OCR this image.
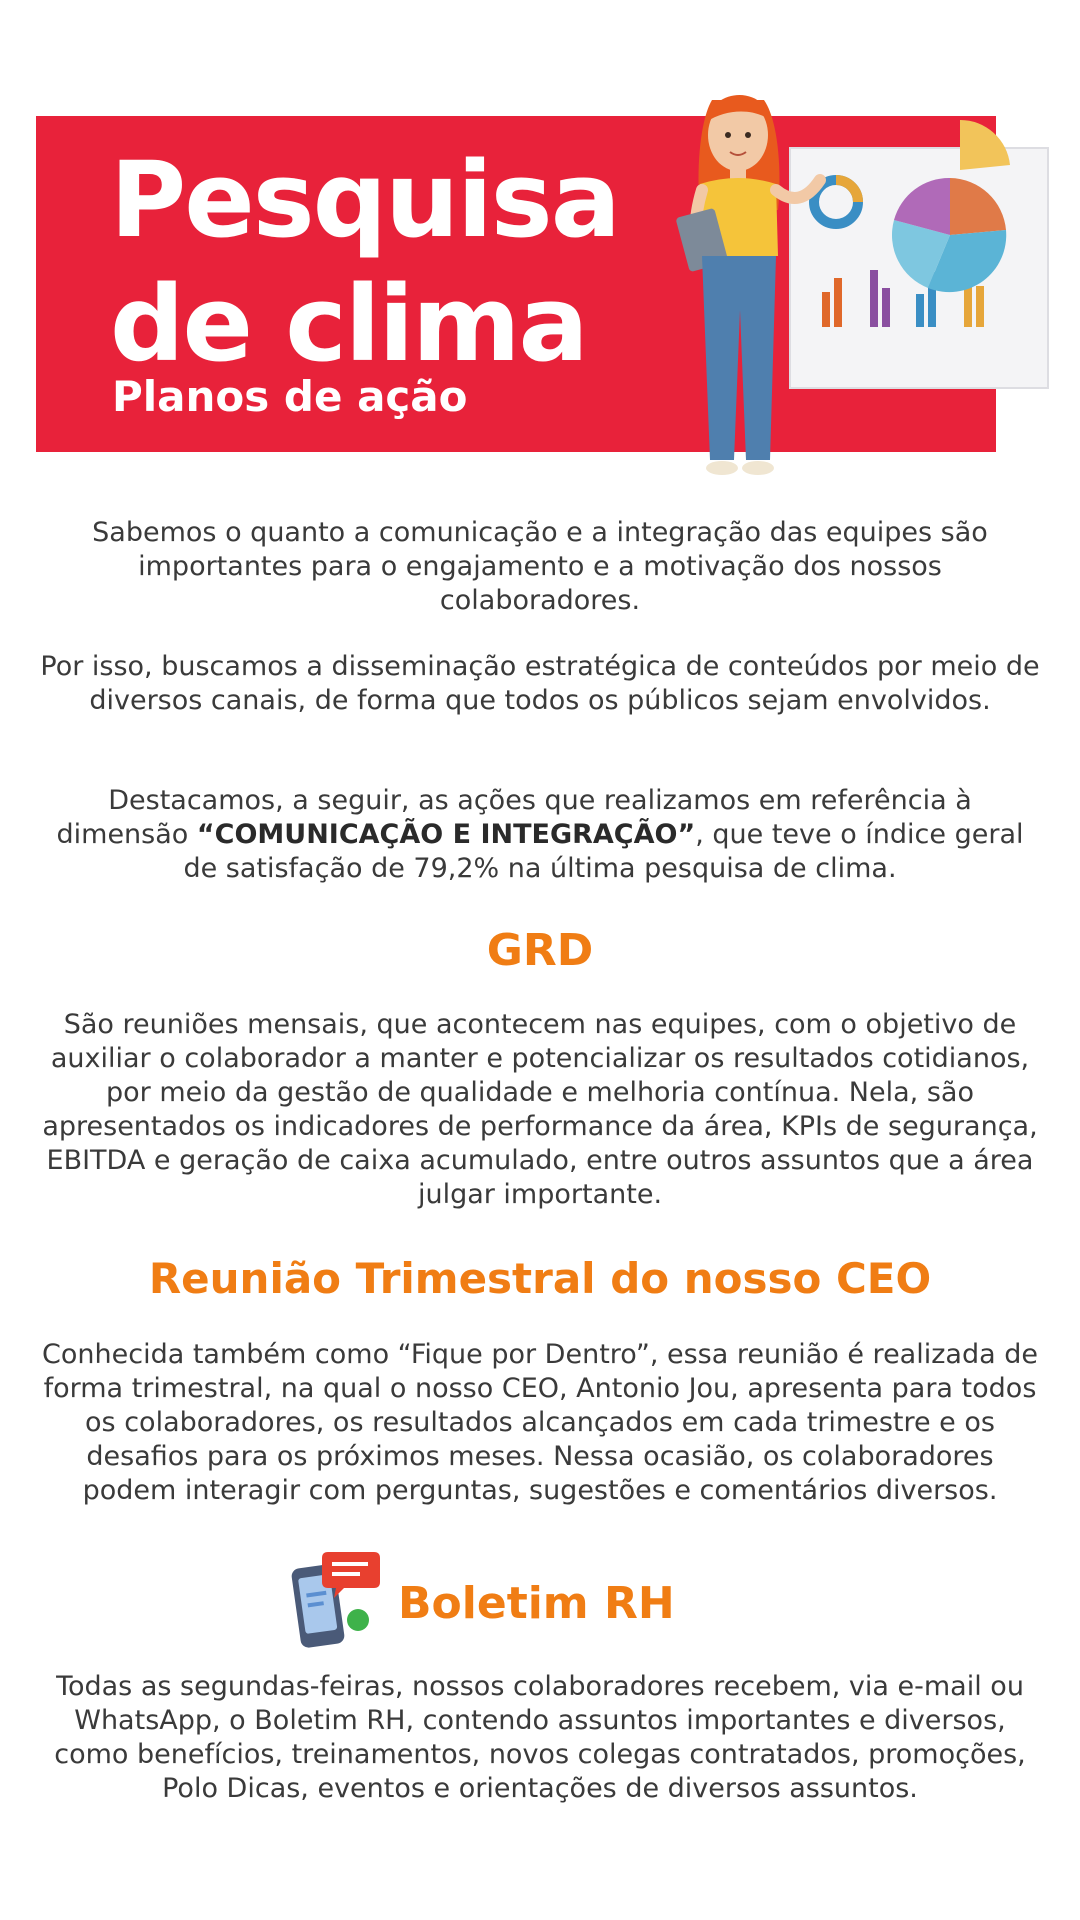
Pesquisa
de clima
Planos de ação
Sabemos o quanto a comunicação e a integração das equipes são importantes para o engajamento e a motivação dos nossos colaboradores.
Por isso, buscamos a disseminação estratégica de conteúdos por meio de diversos canais, de forma que todos os públicos sejam envolvidos.
Destacamos, a seguir, as ações que realizamos em referência à dimensão “COMUNICAÇÃO E INTEGRAÇÃO”, que teve o índice geral de satisfação de 79,2% na última pesquisa de clima.
GRD
São reuniões mensais, que acontecem nas equipes, com o objetivo de auxiliar o colaborador a manter e potencializar os resultados cotidianos, por meio da gestão de qualidade e melhoria contínua. Nela, são apresentados os indicadores de performance da área, KPIs de segurança, EBITDA e geração de caixa acumulado, entre outros assuntos que a área julgar importante.
Reunião Trimestral do nosso CEO
Conhecida também como “Fique por Dentro”, essa reunião é realizada de forma trimestral, na qual o nosso CEO, Antonio Jou, apresenta para todos os colaboradores, os resultados alcançados em cada trimestre e os desafios para os próximos meses. Nessa ocasião, os colaboradores podem interagir com perguntas, sugestões e comentários diversos.
Boletim RH
Todas as segundas-feiras, nossos colaboradores recebem, via e-mail ou WhatsApp, o Boletim RH, contendo assuntos importantes e diversos, como benefícios, treinamentos, novos colegas contratados, promoções, Polo Dicas, eventos e orientações de diversos assuntos.
